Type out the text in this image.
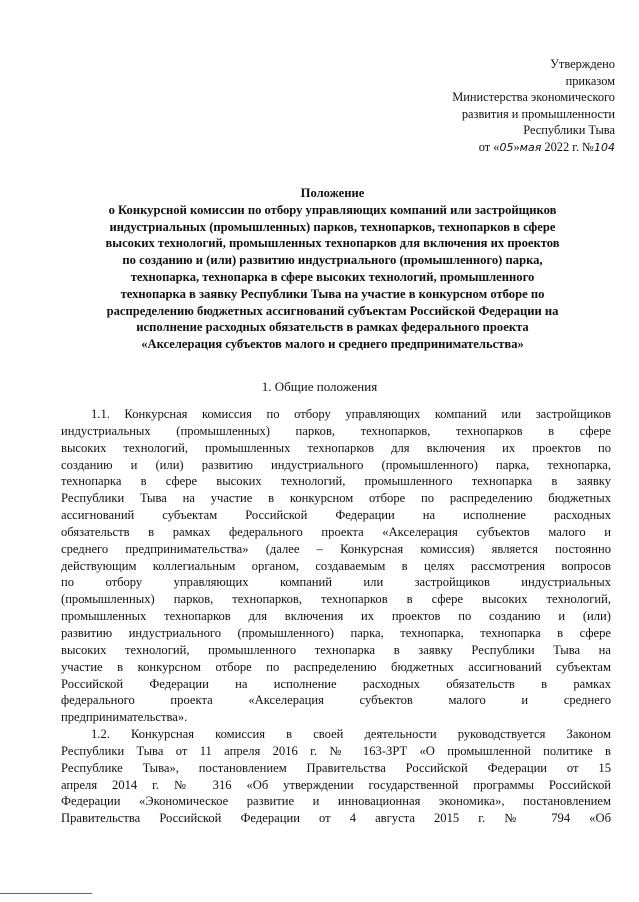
Утверждено
приказом
Министерства экономического
развития и промышленности
Республики Тыва
от «05»мая 2022 г. №104
Положение
о Конкурсной комиссии по отбору управляющих компаний или застройщиков
индустриальных (промышленных) парков, технопарков, технопарков в сфере
высоких технологий, промышленных технопарков для включения их проектов
по созданию и (или) развитию индустриального (промышленного) парка,
технопарка, технопарка в сфере высоких технологий, промышленного
технопарка в заявку Республики Тыва на участие в конкурсном отборе по
распределению бюджетных ассигнований субъектам Российской Федерации на
исполнение расходных обязательств в рамках федерального проекта
«Акселерация субъектов малого и среднего предпринимательства»
1. Общие положения
1.1. Конкурсная комиссия по отбору управляющих компаний или застройщиков
индустриальных (промышленных) парков, технопарков, технопарков в сфере
высоких технологий, промышленных технопарков для включения их проектов по
созданию и (или) развитию индустриального (промышленного) парка, технопарка,
технопарка в сфере высоких технологий, промышленного технопарка в заявку
Республики Тыва на участие в конкурсном отборе по распределению бюджетных
ассигнований субъектам Российской Федерации на исполнение расходных
обязательств в рамках федерального проекта «Акселерация субъектов малого и
среднего предпринимательства» (далее – Конкурсная комиссия) является постоянно
действующим коллегиальным органом, создаваемым в целях рассмотрения вопросов
по отбору управляющих компаний или застройщиков индустриальных
(промышленных) парков, технопарков, технопарков в сфере высоких технологий,
промышленных технопарков для включения их проектов по созданию и (или)
развитию индустриального (промышленного) парка, технопарка, технопарка в сфере
высоких технологий, промышленного технопарка в заявку Республики Тыва на
участие в конкурсном отборе по распределению бюджетных ассигнований субъектам
Российской Федерации на исполнение расходных обязательств в рамках
федерального проекта «Акселерация субъектов малого и среднего
предпринимательства».
1.2. Конкурсная комиссия в своей деятельности руководствуется Законом
Республики Тыва от 11 апреля 2016 г. № 163-ЗРТ «О промышленной политике в
Республике Тыва», постановлением Правительства Российской Федерации от 15
апреля 2014 г. № 316 «Об утверждении государственной программы Российской
Федерации «Экономическое развитие и инновационная экономика», постановлением
Правительства Российской Федерации от 4 августа 2015 г. № 794 «Об
